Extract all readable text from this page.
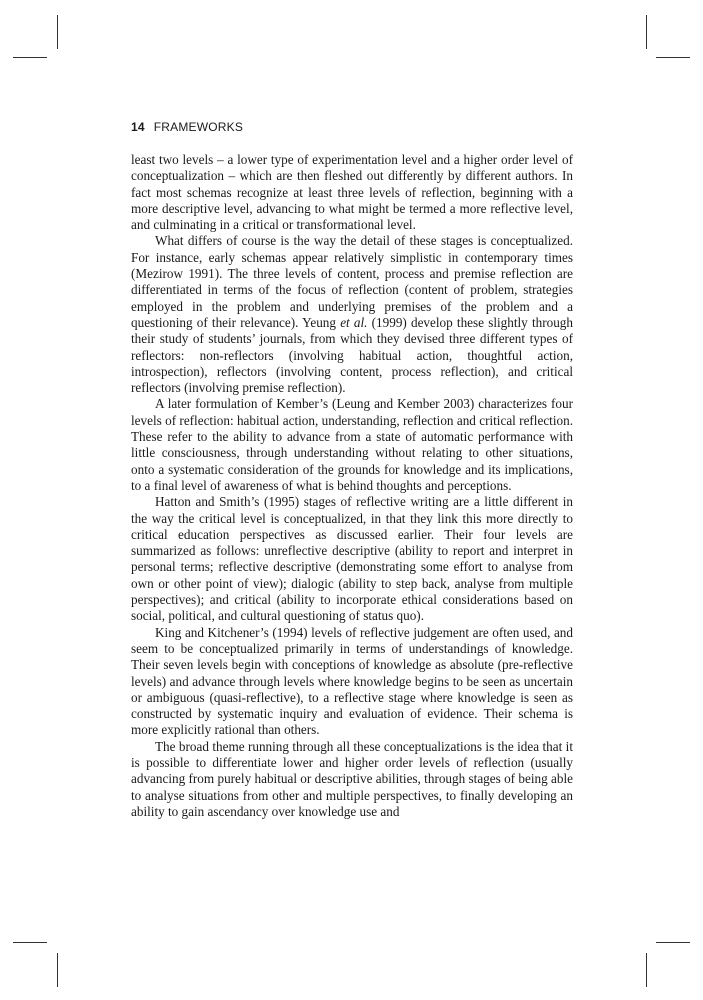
14 FRAMEWORKS

least two levels – a lower type of experimentation level and a higher order level of conceptualization – which are then fleshed out differently by different authors. In fact most schemas recognize at least three levels of reflection, beginning with a more descriptive level, advancing to what might be termed a more reflective level, and culminating in a critical or transformational level.

What differs of course is the way the detail of these stages is conceptualized. For instance, early schemas appear relatively simplistic in contemporary times (Mezirow 1991). The three levels of content, process and premise reflection are differentiated in terms of the focus of reflection (content of problem, strategies employed in the problem and underlying premises of the problem and a questioning of their relevance). Yeung et al. (1999) develop these slightly through their study of students’ journals, from which they devised three different types of reflectors: non-reflectors (involving habitual action, thoughtful action, introspection), reflectors (involving content, process reflection), and critical reflectors (involving premise reflection).

A later formulation of Kember’s (Leung and Kember 2003) characterizes four levels of reflection: habitual action, understanding, reflection and critical reflection. These refer to the ability to advance from a state of automatic performance with little consciousness, through understanding without relating to other situations, onto a systematic consideration of the grounds for knowledge and its implications, to a final level of awareness of what is behind thoughts and perceptions.

Hatton and Smith’s (1995) stages of reflective writing are a little different in the way the critical level is conceptualized, in that they link this more directly to critical education perspectives as discussed earlier. Their four levels are summarized as follows: unreflective descriptive (ability to report and interpret in personal terms; reflective descriptive (demonstrating some effort to analyse from own or other point of view); dialogic (ability to step back, analyse from multiple perspectives); and critical (ability to incorporate ethical considerations based on social, political, and cultural questioning of status quo).

King and Kitchener’s (1994) levels of reflective judgement are often used, and seem to be conceptualized primarily in terms of understandings of knowledge. Their seven levels begin with conceptions of knowledge as absolute (pre-reflective levels) and advance through levels where knowledge begins to be seen as uncertain or ambiguous (quasi-reflective), to a reflective stage where knowledge is seen as constructed by systematic inquiry and evaluation of evidence. Their schema is more explicitly rational than others.

The broad theme running through all these conceptualizations is the idea that it is possible to differentiate lower and higher order levels of reflection (usually advancing from purely habitual or descriptive abilities, through stages of being able to analyse situations from other and multiple perspectives, to finally developing an ability to gain ascendancy over knowledge use and
